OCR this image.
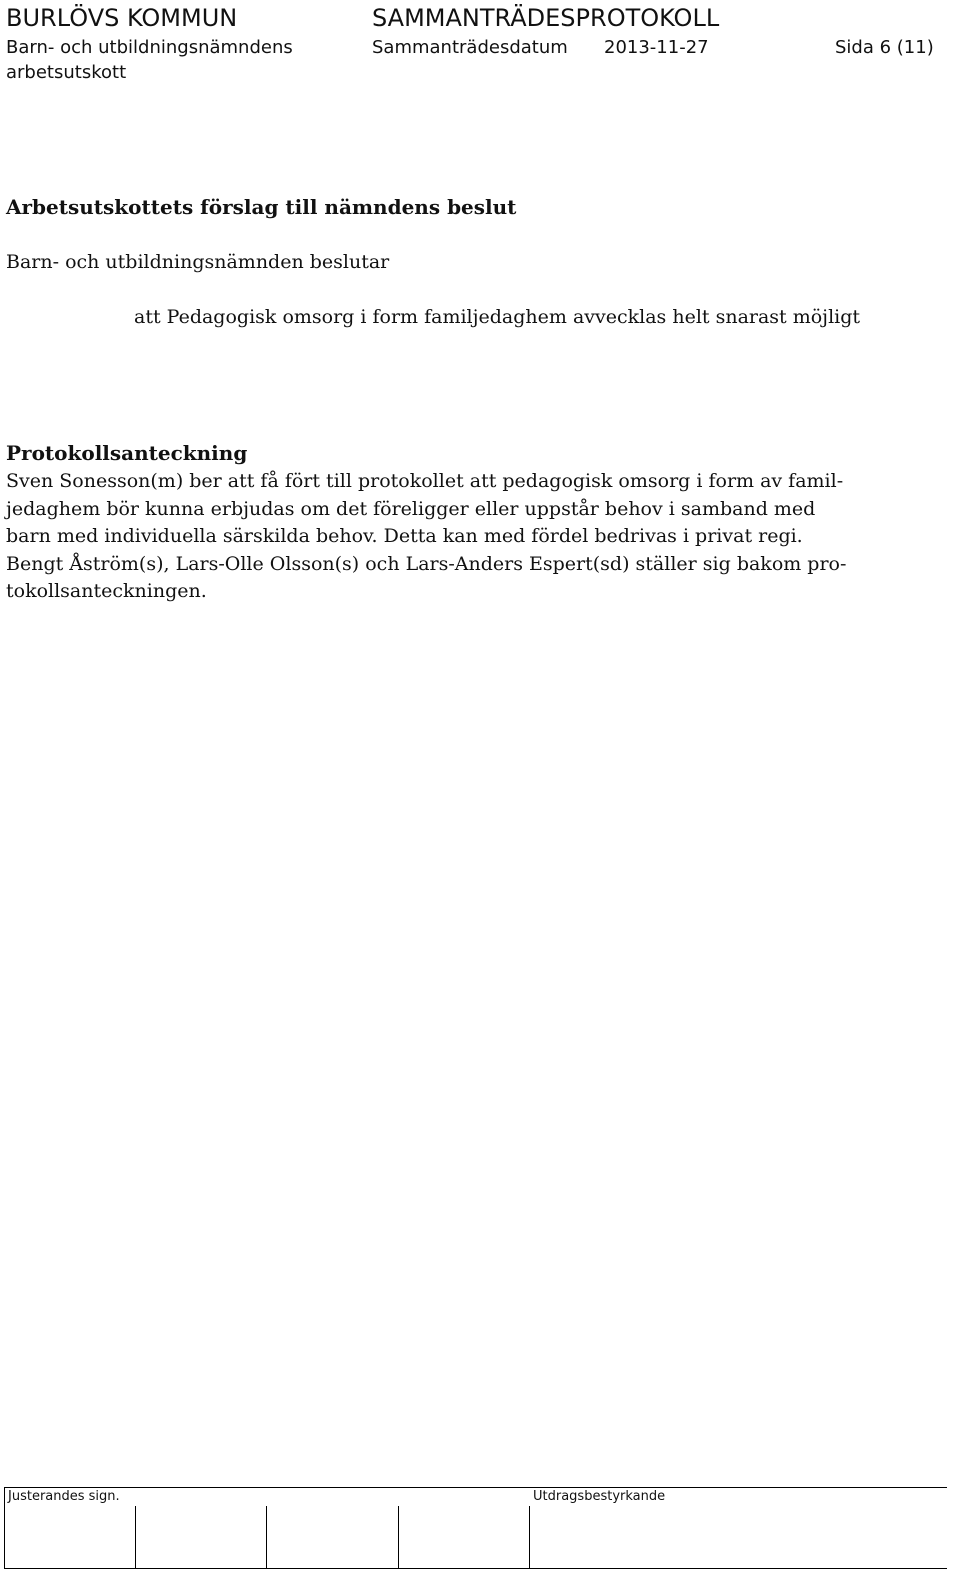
BURLÖVS KOMMUN	SAMMANTRÄDESPROTOKOLL
Barn- och utbildningsnämndens
arbetsutskott
Sammanträdesdatum 2013-11-27	Sida 6 (11)
Arbetsutskottets förslag till nämndens beslut
Barn- och utbildningsnämnden beslutar
att Pedagogisk omsorg i form familjedaghem avvecklas helt snarast möjligt
Protokollsanteckning
Sven Sonesson(m) ber att få fört till protokollet att pedagogisk omsorg i form av famil-
jedaghem bör kunna erbjudas om det föreligger eller uppstår behov i samband med
barn med individuella särskilda behov. Detta kan med fördel bedrivas i privat regi.
Bengt Åström(s), Lars-Olle Olsson(s) och Lars-Anders Espert(sd) ställer sig bakom pro-
tokollsanteckningen.
Justerandes sign.	Utdragsbestyrkande
